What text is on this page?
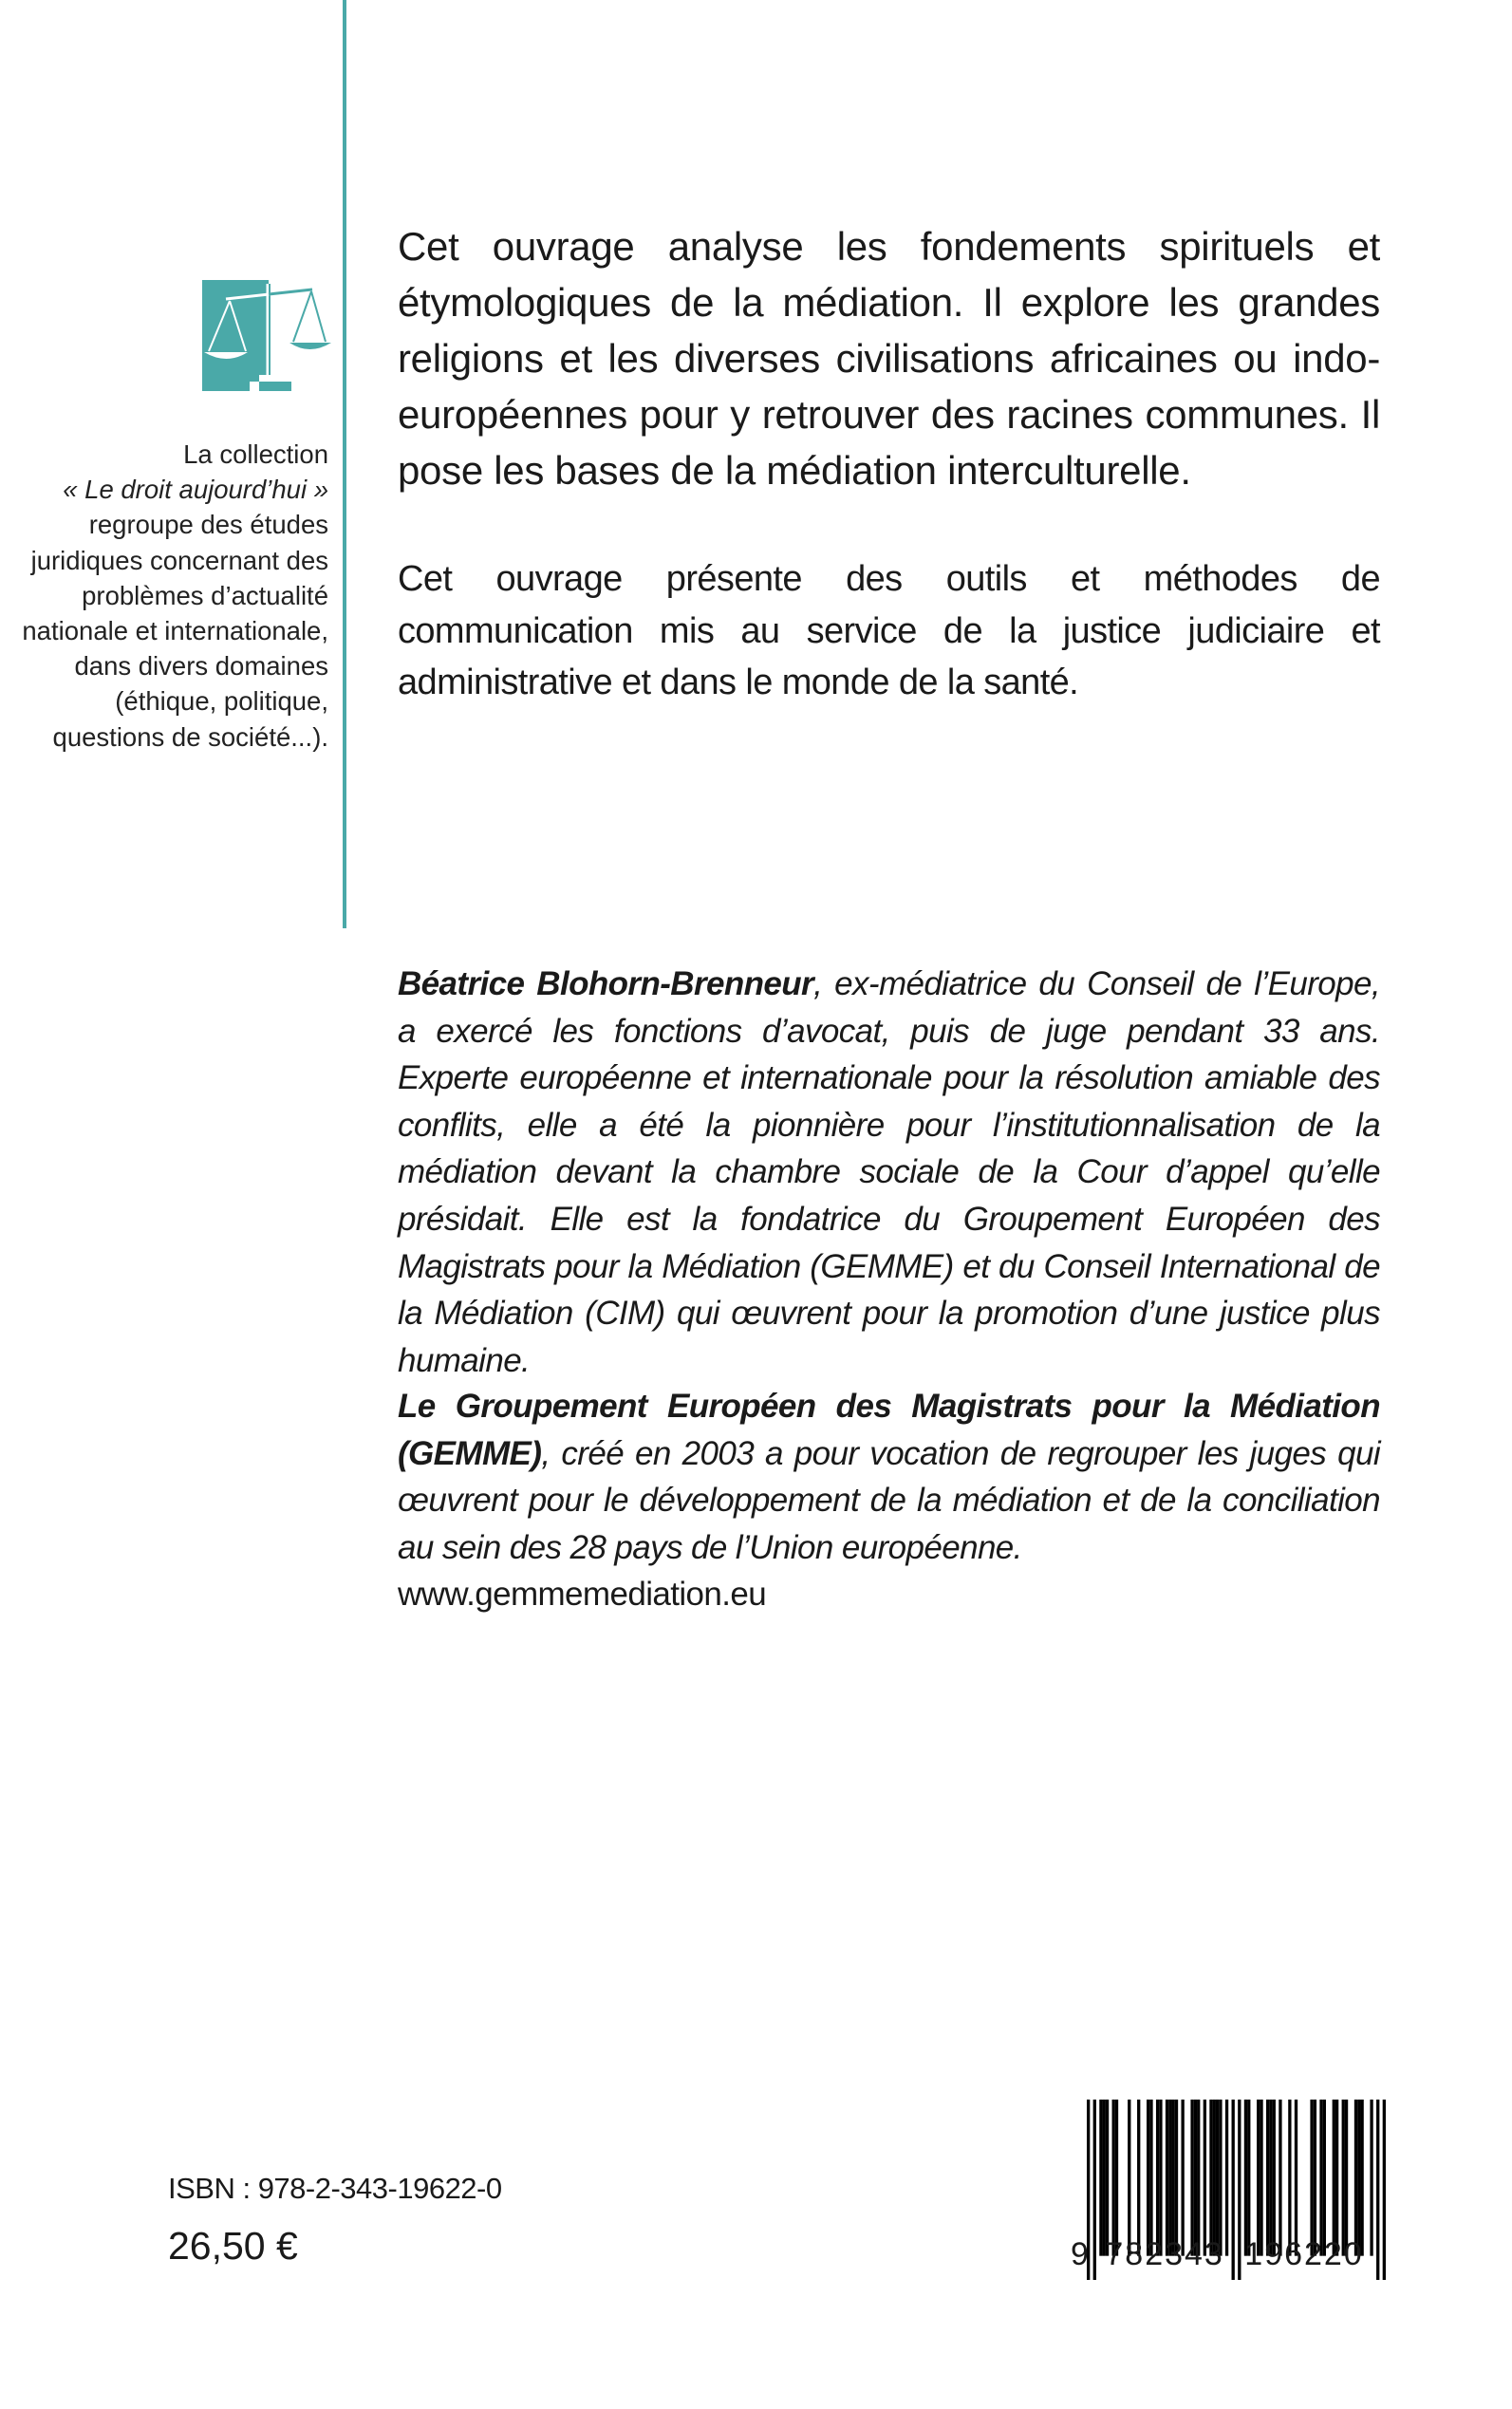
La collection
« Le droit aujourd’hui »
regroupe des études juridiques concernant des problèmes d’actualité nationale et internationale, dans divers domaines (éthique, politique, questions de société...).
Cet ouvrage analyse les fondements spirituels et étymologiques de la médiation. Il explore les grandes religions et les diverses civilisations africaines ou indo-européennes pour y retrouver des racines communes. Il pose les bases de la médiation interculturelle.
Cet ouvrage présente des outils et méthodes de communication mis au service de la justice judiciaire et administrative et dans le monde de la santé.
Béatrice Blohorn-Brenneur, ex-médiatrice du Conseil de l’Europe, a exercé les fonctions d’avocat, puis de juge pendant 33 ans. Experte européenne et internationale pour la résolution amiable des conflits, elle a été la pionnière pour l’institutionnalisation de la médiation devant la chambre sociale de la Cour d’appel qu’elle présidait. Elle est la fondatrice du Groupement Européen des Magistrats pour la Médiation (GEMME) et du Conseil International de la Médiation (CIM) qui œuvrent pour la promotion d’une justice plus humaine.
Le Groupement Européen des Magistrats pour la Médiation (GEMME), créé en 2003 a pour vocation de regrouper les juges qui œuvrent pour le développement de la médiation et de la conciliation au sein des 28 pays de l’Union européenne.
www.gemmemediation.eu
ISBN : 978-2-343-19622-0
26,50 €	9 782343 196220
